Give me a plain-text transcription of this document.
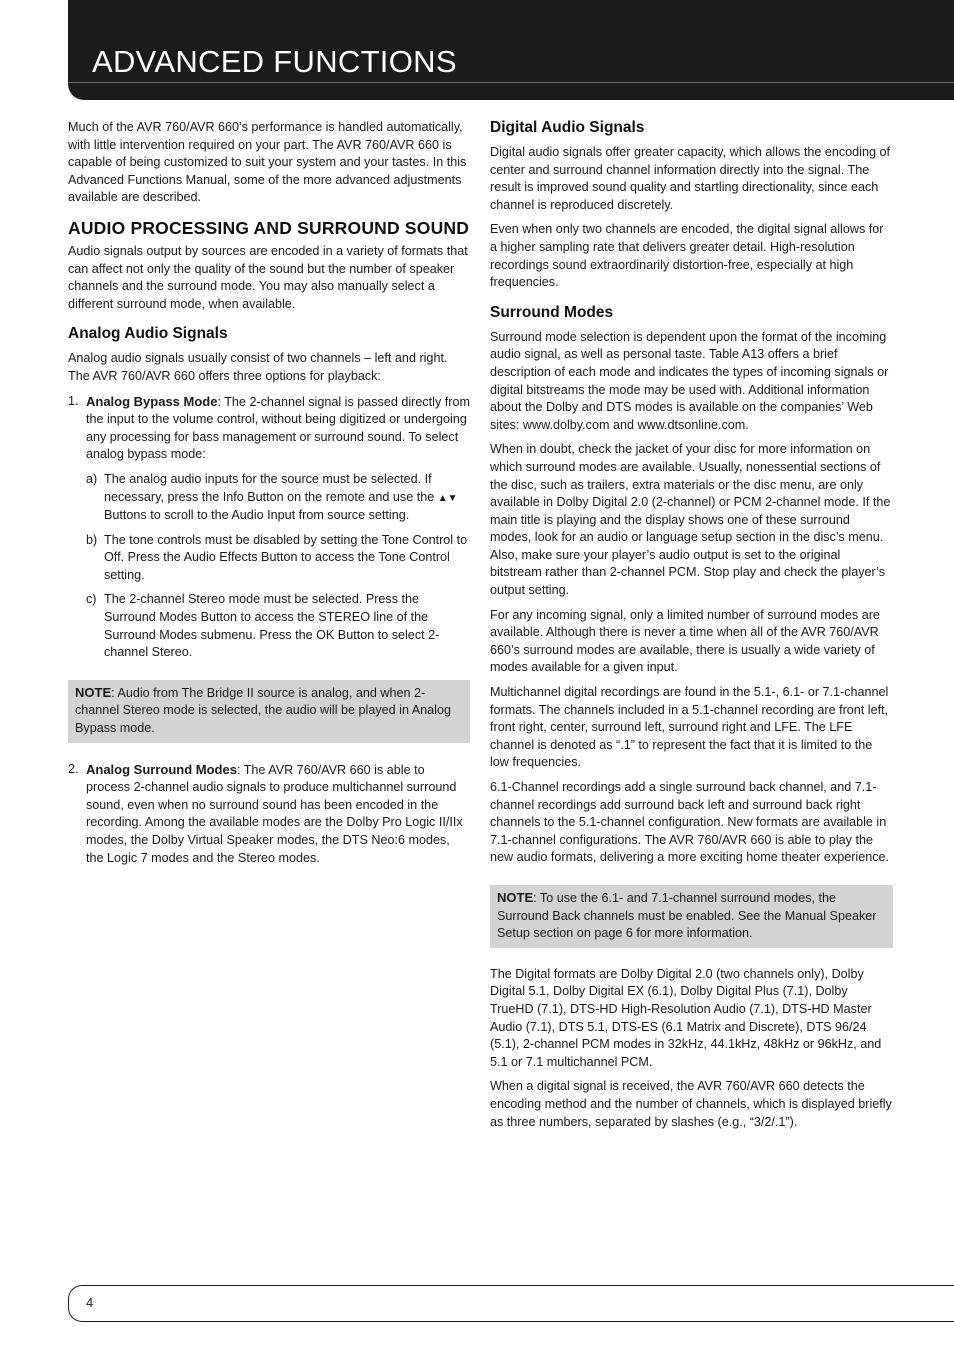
ADVANCED FUNCTIONS

Much of the AVR 760/AVR 660’s performance is handled automatically, with little intervention required on your part. The AVR 760/AVR 660 is capable of being customized to suit your system and your tastes. In this Advanced Functions Manual, some of the more advanced adjustments available are described.

AUDIO PROCESSING AND SURROUND SOUND

Audio signals output by sources are encoded in a variety of formats that can affect not only the quality of the sound but the number of speaker channels and the surround mode. You may also manually select a different surround mode, when available.

Analog Audio Signals

Analog audio signals usually consist of two channels – left and right. The AVR 760/AVR 660 offers three options for playback:

1. Analog Bypass Mode: The 2-channel signal is passed directly from the input to the volume control, without being digitized or undergoing any processing for bass management or surround sound. To select analog bypass mode:
a) The analog audio inputs for the source must be selected. If necessary, press the Info Button on the remote and use the ▲▼ Buttons to scroll to the Audio Input from source setting.
b) The tone controls must be disabled by setting the Tone Control to Off. Press the Audio Effects Button to access the Tone Control setting.
c) The 2-channel Stereo mode must be selected. Press the Surround Modes Button to access the STEREO line of the Surround Modes submenu. Press the OK Button to select 2-channel Stereo.
NOTE: Audio from The Bridge II source is analog, and when 2-channel Stereo mode is selected, the audio will be played in Analog Bypass mode.
2. Analog Surround Modes: The AVR 760/AVR 660 is able to process 2-channel audio signals to produce multichannel surround sound, even when no surround sound has been encoded in the recording. Among the available modes are the Dolby Pro Logic II/IIx modes, the Dolby Virtual Speaker modes, the DTS Neo:6 modes, the Logic 7 modes and the Stereo modes.
Digital Audio Signals

Digital audio signals offer greater capacity, which allows the encoding of center and surround channel information directly into the signal. The result is improved sound quality and startling directionality, since each channel is reproduced discretely.

Even when only two channels are encoded, the digital signal allows for a higher sampling rate that delivers greater detail. High-resolution recordings sound extraordinarily distortion-free, especially at high frequencies.

Surround Modes

Surround mode selection is dependent upon the format of the incoming audio signal, as well as personal taste. Table A13 offers a brief description of each mode and indicates the types of incoming signals or digital bitstreams the mode may be used with. Additional information about the Dolby and DTS modes is available on the companies’ Web sites: www.dolby.com and www.dtsonline.com.

When in doubt, check the jacket of your disc for more information on which surround modes are available. Usually, nonessential sections of the disc, such as trailers, extra materials or the disc menu, are only available in Dolby Digital 2.0 (2-channel) or PCM 2-channel mode. If the main title is playing and the display shows one of these surround modes, look for an audio or language setup section in the disc’s menu. Also, make sure your player’s audio output is set to the original bitstream rather than 2-channel PCM. Stop play and check the player’s output setting.

For any incoming signal, only a limited number of surround modes are available. Although there is never a time when all of the AVR 760/AVR 660’s surround modes are available, there is usually a wide variety of modes available for a given input.

Multichannel digital recordings are found in the 5.1-, 6.1- or 7.1-channel formats. The channels included in a 5.1-channel recording are front left, front right, center, surround left, surround right and LFE. The LFE channel is denoted as “.1” to represent the fact that it is limited to the low frequencies.

6.1-Channel recordings add a single surround back channel, and 7.1-channel recordings add surround back left and surround back right channels to the 5.1-channel configuration. New formats are available in 7.1-channel configurations. The AVR 760/AVR 660 is able to play the new audio formats, delivering a more exciting home theater experience.

NOTE: To use the 6.1- and 7.1-channel surround modes, the Surround Back channels must be enabled. See the Manual Speaker Setup section on page 6 for more information.

The Digital formats are Dolby Digital 2.0 (two channels only), Dolby Digital 5.1, Dolby Digital EX (6.1), Dolby Digital Plus (7.1), Dolby TrueHD (7.1), DTS-HD High-Resolution Audio (7.1), DTS-HD Master Audio (7.1), DTS 5.1, DTS-ES (6.1 Matrix and Discrete), DTS 96/24 (5.1), 2-channel PCM modes in 32kHz, 44.1kHz, 48kHz or 96kHz, and 5.1 or 7.1 multichannel PCM.

When a digital signal is received, the AVR 760/AVR 660 detects the encoding method and the number of channels, which is displayed briefly as three numbers, separated by slashes (e.g., “3/2/.1”).

4
